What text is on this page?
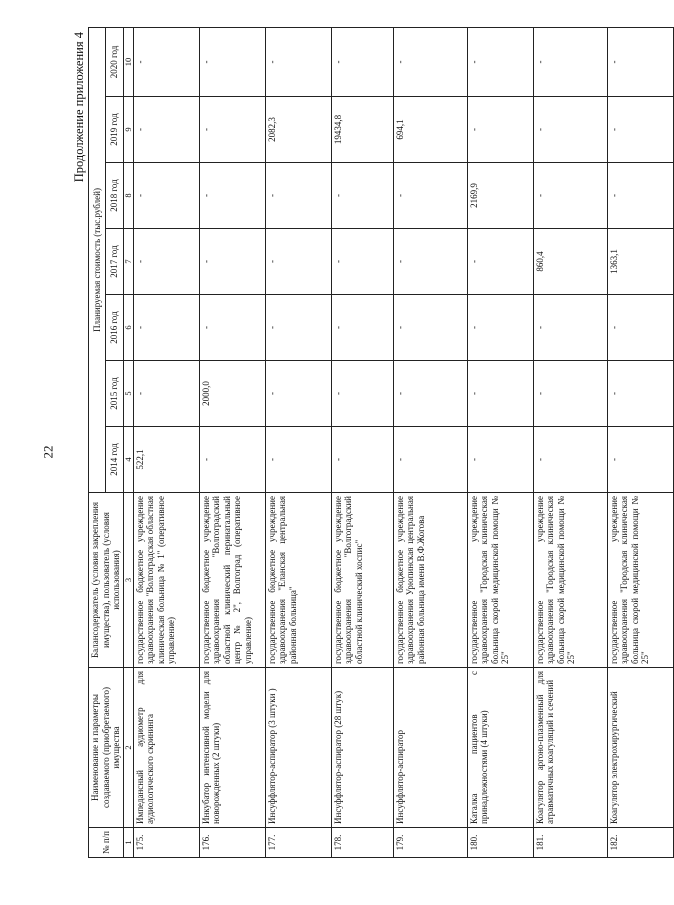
22
Продолжение приложения 4
№ п/п	Наименование и параметры создаваемого (приобретаемого) имущества	Балансодержатель (условия закрепления имущества), пользователь (условия использования)	Планируемая стоимость (тыс.рублей)						
			2014 год	2015 год	2016 год	2017 год	2018 год	2019 год	2020 год
1	2	3	4	5	6	7	8	9	10
175.	Импедансный аудиометр для аудиологического скрининга	государственное бюджетное учреждение здравоохранения "Волгоградская областная клиническая больница № 1" (оперативное управление)	522,1	-	-	-	-	-	-
176.	Инкубатор интенсивной модели для новорожденных (2 штуки)	государственное бюджетное учреждение здравоохранения "Волгоградский областной клинический перинатальный центр № 2", Волгоград (оперативное управление)	-	2000,0	-	-	-	-	-
177.	Инсуффлятор-аспиратор (3 штуки )	государственное бюджетное учреждение здравоохранения "Еланская центральная районная больница"	-	-	-	-	-	2082,3	-
178.	Инсуффлятор-аспиратор (28 штук)	государственное бюджетное учреждение здравоохранения "Волгоградский областной клинический хоспис"	-	-	-	-	-	19434,8	-
179.	Инсуффлятор-аспиратор	государственное бюджетное учреждение здравоохранения Урюпинская центральная районная больница имени В.Ф.Жогова	-	-	-	-	-	694,1	-
180.	Каталка пациентов с принадлежностями (4 штуки)	государственное учреждение здравоохранения "Городская клиническая больница скорой медицинской помощи № 25"	-	-	-	-	2169,9	-	-
181.	Коагулятор аргоно-плазменный для атравматичных коагуляций и сечений	государственное учреждение здравоохранения "Городская клиническая больница скорой медицинской помощи № 25"	-	-	-	860,4	-	-	-
182.	Коагулятор электрохирургический	государственное учреждение здравоохранения "Городская клиническая больница скорой медицинской помощи № 25"	-	-	-	1363,1	-	-	-
